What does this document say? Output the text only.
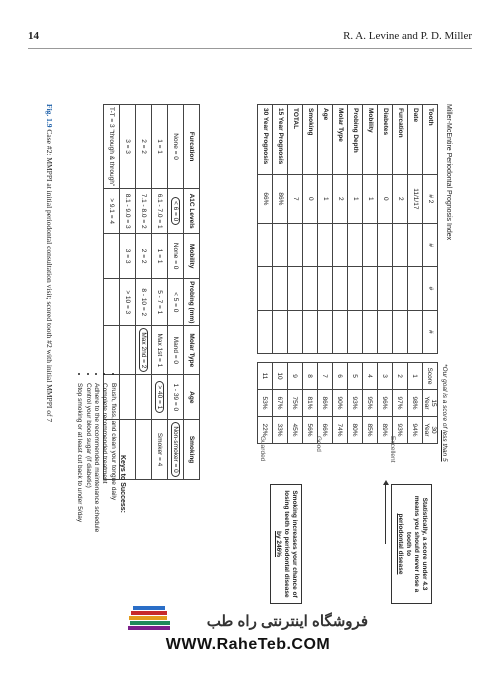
14	R. A. Levine and P. D. Miller
Miller-McEntire Periodontal Prognosis Index
*Our goal is a score of less than 5
Tooth	# 2	#	#	#
Date	11/1/17			
Furcation	2			
Diabetes	0			
Mobility	1			
Probing Depth	1			
Molar Type	2			
Age	1			
Smoking	0			
TOTAL	7			
15 Year Prognosis	86%			
30 Year Prognosis	66%			
Score	15 Year	30 Year
1	98%	94%
2	97%	93%
3	96%	89%
4	95%	85%
5	93%	80%
6	90%	74%
7	86%	66%
8	81%	56%
9	75%	45%
10	67%	33%
11	53%	22%
Excellent
Good
Guarded
Statistically, a score under 4.3 means you should never lose a tooth to
periodontal disease
Smoking increases your chance of losing teeth to periodontal disease
by 246%
Furcation	A1C Levels	Mobility	Probing (mm)	Molar Type	Age	Smoking
None = 0	< 6 = 0	None = 0	< 5 = 0	Mand = 0	1 - 39 = 0	Non-smoker = 0
1 = 1	6.1 - 7.0 = 1	1 = 1	5 - 7 = 1	Max 1st = 1	> 40 = 1	Smoker = 4
2 = 2	7.1 - 8.0 = 2	2 = 2	8 - 10 = 2	Max 2nd = 2		
3 = 3	8.1 - 9.0 = 3	3 = 3	> 10 = 3			
T-T = 3 "through & through"	> 9.1 = 4					
Keys to Success:
• Brush, floss, and clean your tongue daily
• Complete recommended treatment
• Adhere to the recommended maintenance schedule
• Control your blood sugar (if diabetic)
• Stop smoking or at least cut back to under 5/day
Fig. 1.9 Case #2: MMPPI at initial periodontal consultation visit; scored tooth #2 with initial MMPPI of 7
فروشگاه اینترنتی راه طب
WWW.RaheTeb.COM
